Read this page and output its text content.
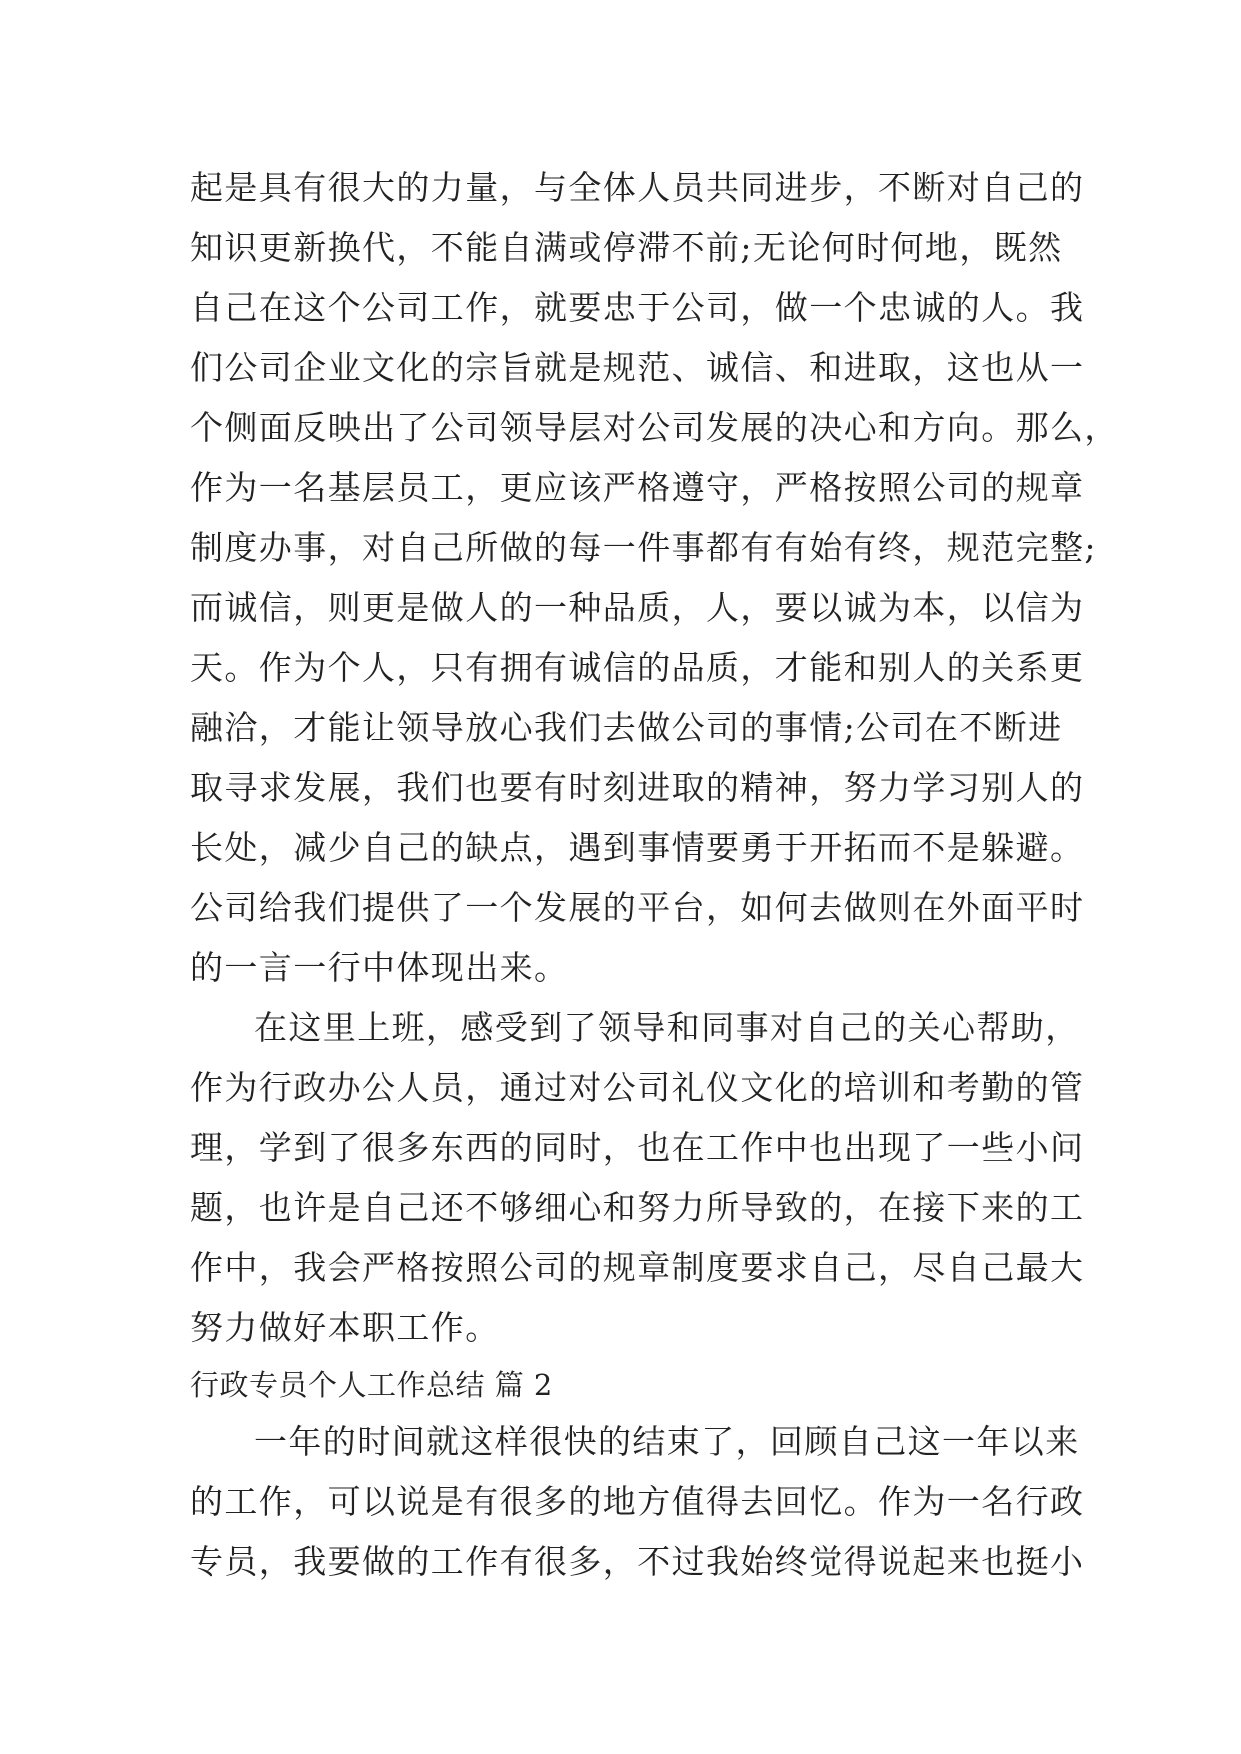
起是具有很大的力量，与全体人员共同进步，不断对自己的
知识更新换代，不能自满或停滞不前;无论何时何地，既然
自己在这个公司工作，就要忠于公司，做一个忠诚的人。我
们公司企业文化的宗旨就是规范、诚信、和进取，这也从一
个侧面反映出了公司领导层对公司发展的决心和方向。那么，
作为一名基层员工，更应该严格遵守，严格按照公司的规章
制度办事，对自己所做的每一件事都有有始有终，规范完整;
而诚信，则更是做人的一种品质，人，要以诚为本，以信为
天。作为个人，只有拥有诚信的品质，才能和别人的关系更
融洽，才能让领导放心我们去做公司的事情;公司在不断进
取寻求发展，我们也要有时刻进取的精神，努力学习别人的
长处，减少自己的缺点，遇到事情要勇于开拓而不是躲避。
公司给我们提供了一个发展的平台，如何去做则在外面平时
的一言一行中体现出来。
在这里上班，感受到了领导和同事对自己的关心帮助，
作为行政办公人员，通过对公司礼仪文化的培训和考勤的管
理，学到了很多东西的同时，也在工作中也出现了一些小问
题，也许是自己还不够细心和努力所导致的，在接下来的工
作中，我会严格按照公司的规章制度要求自己，尽自己最大
努力做好本职工作。
行政专员个人工作总结 篇 2
一年的时间就这样很快的结束了，回顾自己这一年以来
的工作，可以说是有很多的地方值得去回忆。作为一名行政
专员，我要做的工作有很多，不过我始终觉得说起来也挺小
